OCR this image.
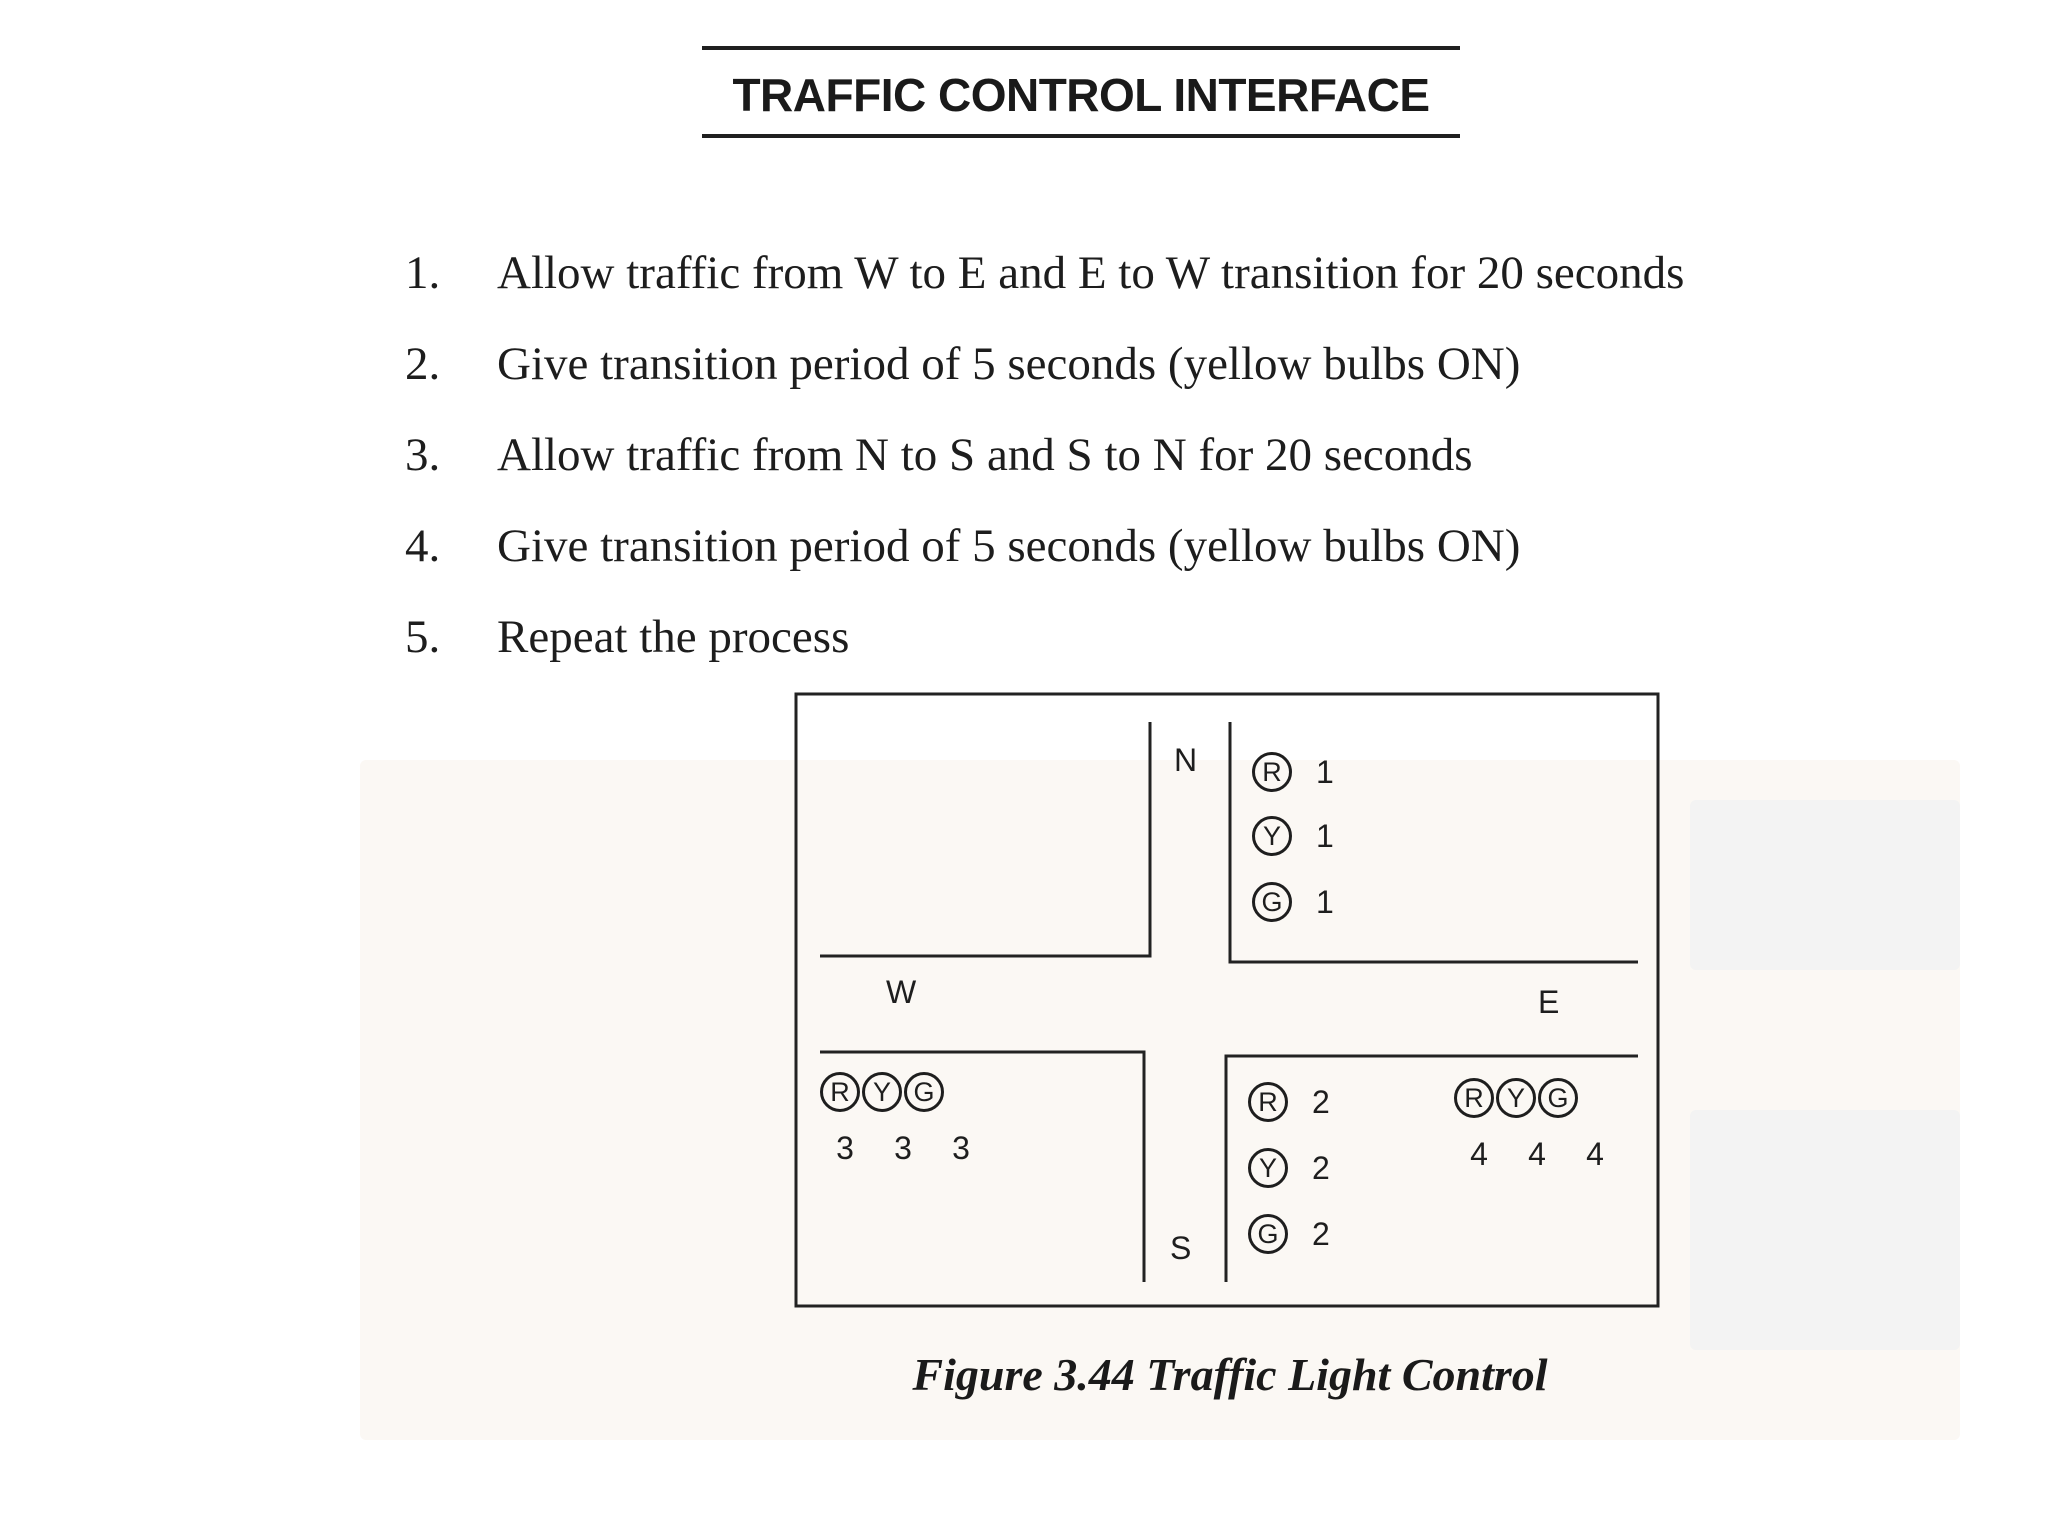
TRAFFIC CONTROL INTERFACE
1.	Allow traffic from W to E and E to W transition for 20 seconds
2.	Give transition period of 5 seconds (yellow bulbs ON)
3.	Allow traffic from N to S and S to N for 20 seconds
4.	Give transition period of 5 seconds (yellow bulbs ON)
5.	Repeat the process
N
S
W	E
R	1
Y	1
G 1
R	2
Y	2
G 2
R Y G
3	3	3
R Y G
4	4	4
Figure 3.44 Traffic Light Control
